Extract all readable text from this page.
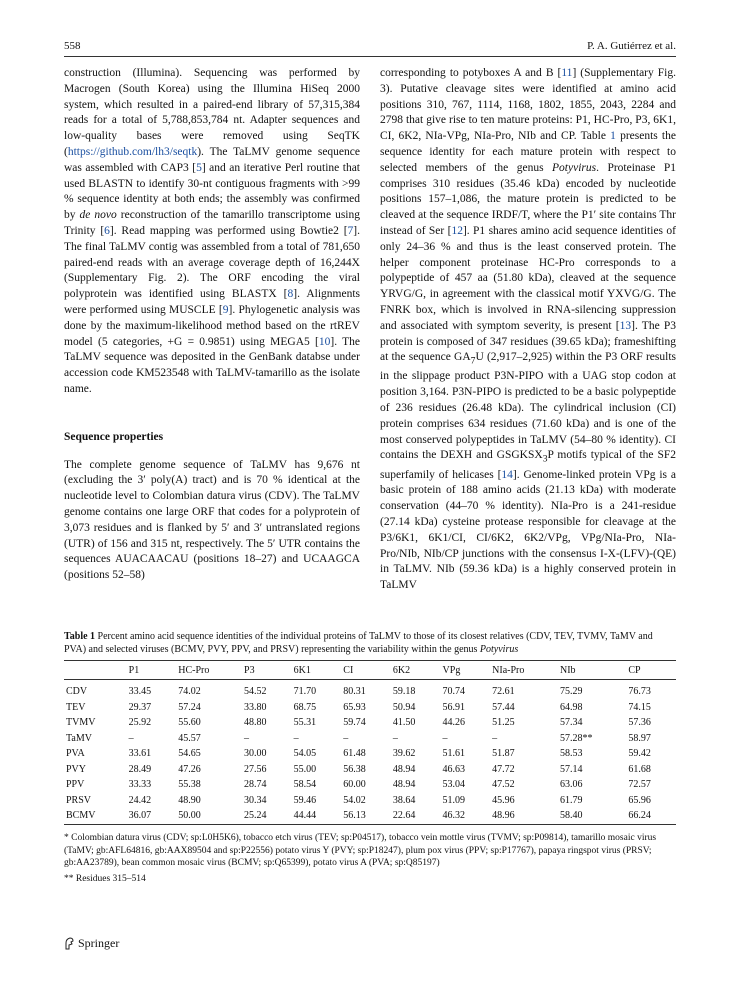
558	P. A. Gutiérrez et al.

construction (Illumina). Sequencing was performed by Macrogen (South Korea) using the Illumina HiSeq 2000 system, which resulted in a paired-end library of 57,315,384 reads for a total of 5,788,853,784 nt. Adapter sequences and low-quality bases were removed using SeqTK (https://github.com/lh3/seqtk). The TaLMV genome sequence was assembled with CAP3 [5] and an iterative Perl routine that used BLASTN to identify 30-nt contiguous fragments with >99 % sequence identity at both ends; the assembly was confirmed by de novo reconstruction of the tamarillo transcriptome using Trinity [6]. Read mapping was performed using Bowtie2 [7]. The final TaLMV contig was assembled from a total of 781,650 paired-end reads with an average coverage depth of 16,244X (Supplementary Fig. 2). The ORF encoding the viral polyprotein was identified using BLASTX [8]. Alignments were performed using MUSCLE [9]. Phylogenetic analysis was done by the maximum-likelihood method based on the rtREV model (5 categories, +G = 0.9851) using MEGA5 [10]. The TaLMV sequence was deposited in the GenBank databse under accession code KM523548 with TaLMV-tamarillo as the isolate name.

Sequence properties

The complete genome sequence of TaLMV has 9,676 nt (excluding the 3′ poly(A) tract) and is 70 % identical at the nucleotide level to Colombian datura virus (CDV). The TaLMV genome contains one large ORF that codes for a polyprotein of 3,073 residues and is flanked by 5′ and 3′ untranslated regions (UTR) of 156 and 315 nt, respectively. The 5′ UTR contains the sequences AUACAACAU (positions 18–27) and UCAAGCA (positions 52–58)

corresponding to potyboxes A and B [11] (Supplementary Fig. 3). Putative cleavage sites were identified at amino acid positions 310, 767, 1114, 1168, 1802, 1855, 2043, 2284 and 2798 that give rise to ten mature proteins: P1, HC-Pro, P3, 6K1, CI, 6K2, NIa-VPg, NIa-Pro, NIb and CP. Table 1 presents the sequence identity for each mature protein with respect to selected members of the genus Potyvirus. Proteinase P1 comprises 310 residues (35.46 kDa) encoded by nucleotide positions 157–1,086, the mature protein is predicted to be cleaved at the sequence IRDF/T, where the P1′ site contains Thr instead of Ser [12]. P1 shares amino acid sequence identities of only 24–36 % and thus is the least conserved protein. The helper component proteinase HC-Pro corresponds to a polypeptide of 457 aa (51.80 kDa), cleaved at the sequence YRVG/G, in agreement with the classical motif YXVG/G. The FNRK box, which is involved in RNA-silencing suppression and associated with symptom severity, is present [13]. The P3 protein is composed of 347 residues (39.65 kDa); frameshifting at the sequence $GA_7U$ (2,917–2,925) within the P3 ORF results in the slippage product P3N-PIPO with a UAG stop codon at position 3,164. P3N-PIPO is predicted to be a basic polypeptide of 236 residues (26.48 kDa). The cylindrical inclusion (CI) protein comprises 634 residues (71.60 kDa) and is one of the most conserved polypeptides in TaLMV (54–80 % identity). CI contains the DEXH and $GSGKSX_3P$ motifs typical of the SF2 superfamily of helicases [14]. Genome-linked protein VPg is a basic protein of 188 amino acids (21.13 kDa) with moderate conservation (44–70 % identity). NIa-Pro is a 241-residue (27.14 kDa) cysteine protease responsible for cleavage at the P3/6K1, 6K1/CI, CI/6K2, 6K2/VPg, VPg/NIa-Pro, NIa-Pro/NIb, NIb/CP junctions with the consensus I-X-(LFV)-(QE) in TaLMV. NIb (59.36 kDa) is a highly conserved protein in TaLMV

Table 1 Percent amino acid sequence identities of the individual proteins of TaLMV to those of its closest relatives (CDV, TEV, TVMV, TaMV and PVA) and selected viruses (BCMV, PVY, PPV, and PRSV) representing the variability within the genus Potyvirus
	P1	HC-Pro	P3	6K1	CI	6K2	VPg	NIa-Pro	NIb	CP
CDV	33.45	74.02	54.52	71.70	80.31	59.18	70.74	72.61	75.29	76.73
TEV	29.37	57.24	33.80	68.75	65.93	50.94	56.91	57.44	64.98	74.15
TVMV	25.92	55.60	48.80	55.31	59.74	41.50	44.26	51.25	57.34	57.36
TaMV	–	45.57	–	–	–	–	–	–	57.28**	58.97
PVA	33.61	54.65	30.00	54.05	61.48	39.62	51.61	51.87	58.53	59.42
PVY	28.49	47.26	27.56	55.00	56.38	48.94	46.63	47.72	57.14	61.68
PPV	33.33	55.38	28.74	58.54	60.00	48.94	53.04	47.52	63.06	72.57
PRSV	24.42	48.90	30.34	59.46	54.02	38.64	51.09	45.96	61.79	65.96
BCMV	36.07	50.00	25.24	44.44	56.13	22.64	46.32	48.96	58.40	66.24
* Colombian datura virus (CDV; sp:L0H5K6), tobacco etch virus (TEV; sp:P04517), tobacco vein mottle virus (TVMV; sp:P09814), tamarillo mosaic virus (TaMV; gb:AFL64816, gb:AAX89504 and sp:P22556) potato virus Y (PVY; sp:P18247), plum pox virus (PPV; sp:P17767), papaya ringspot virus (PRSV; gb:AA23789), bean common mosaic virus (BCMV; sp:Q65399), potato virus A (PVA; sp:Q85197)
** Residues 315–514
Springer
